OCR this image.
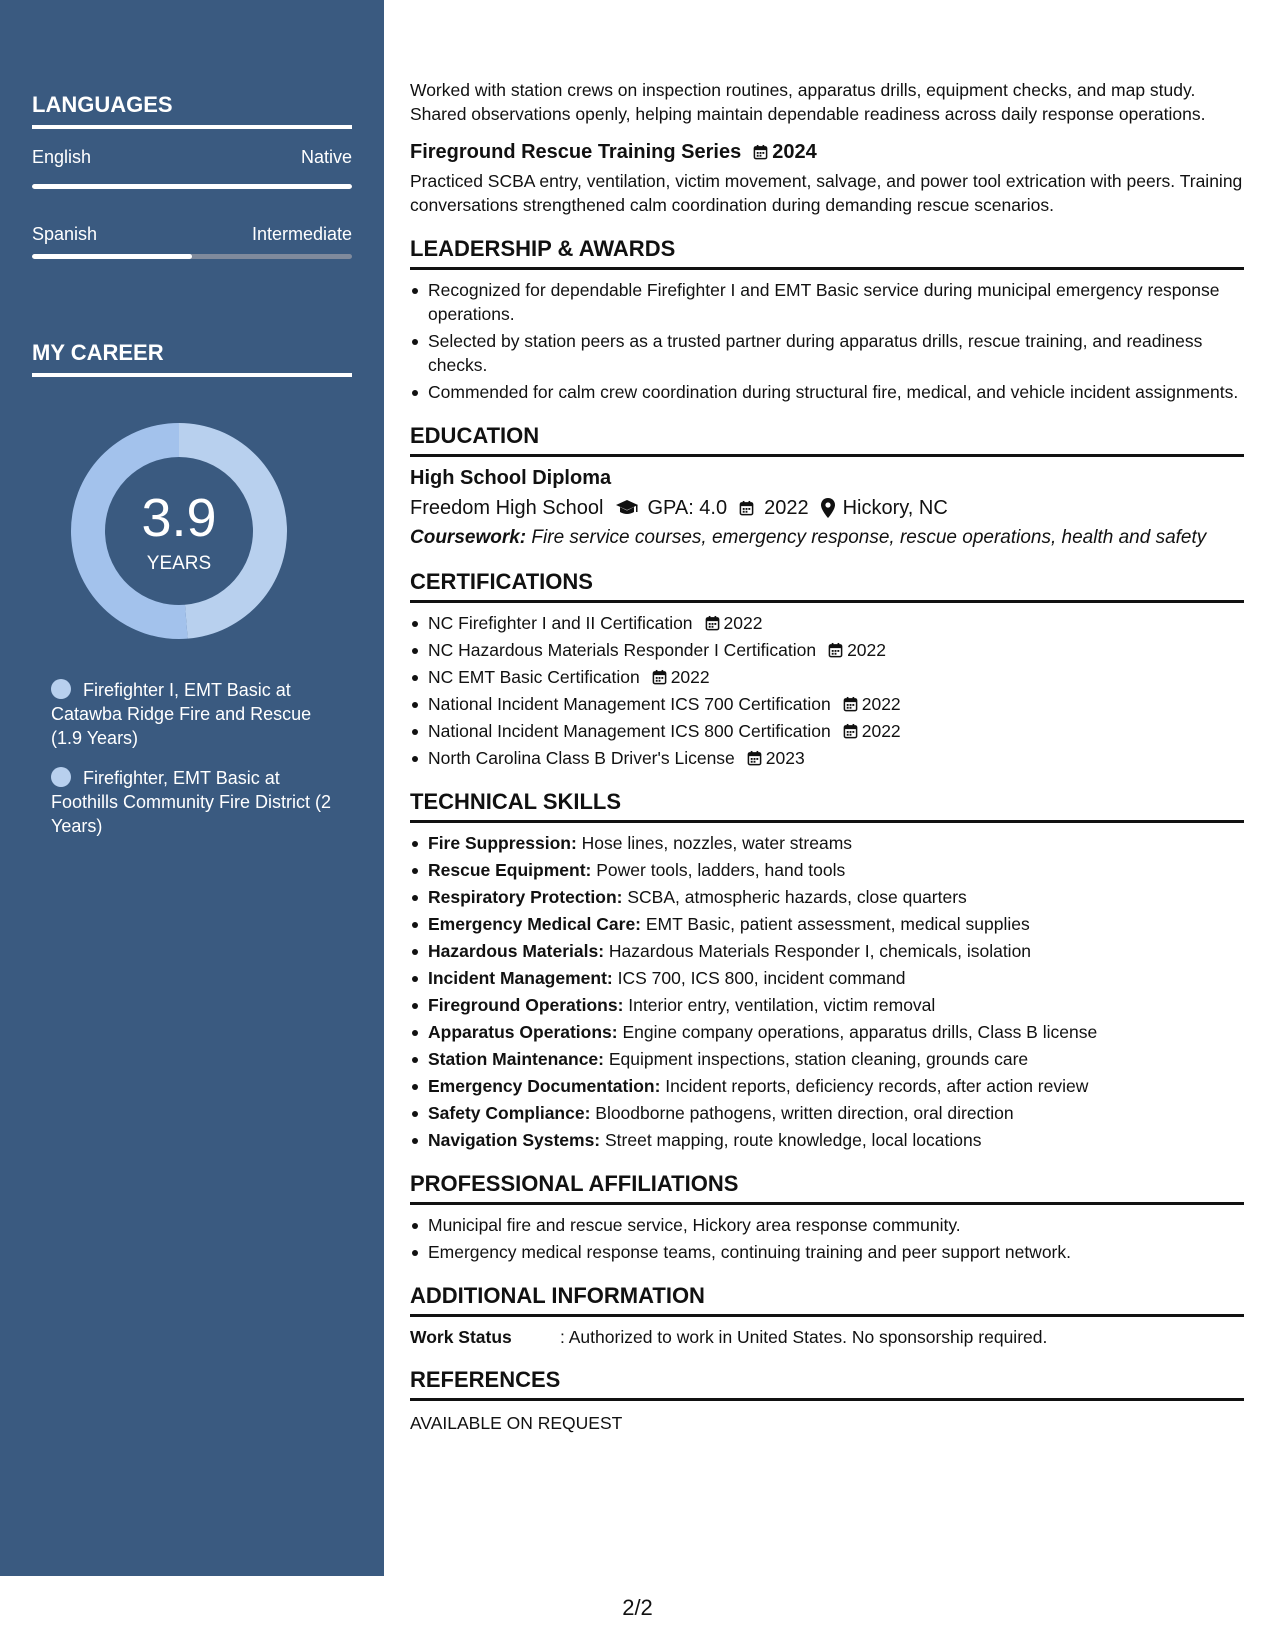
LANGUAGES
English	Native
Spanish	Intermediate
MY CAREER
3.9
YEARS
Firefighter I, EMT Basic at Catawba Ridge Fire and Rescue (1.9 Years)
Firefighter, EMT Basic at Foothills Community Fire District (2 Years)
Worked with station crews on inspection routines, apparatus drills, equipment checks, and map study. Shared observations openly, helping maintain dependable readiness across daily response operations.
Fireground Rescue Training Series 2024
Practiced SCBA entry, ventilation, victim movement, salvage, and power tool extrication with peers. Training conversations strengthened calm coordination during demanding rescue scenarios.
LEADERSHIP & AWARDS
Recognized for dependable Firefighter I and EMT Basic service during municipal emergency response operations.
Selected by station peers as a trusted partner during apparatus drills, rescue training, and readiness checks.
Commended for calm crew coordination during structural fire, medical, and vehicle incident assignments.
EDUCATION
High School Diploma
Freedom High School GPA: 4.0 2022 Hickory, NC
Coursework: Fire service courses, emergency response, rescue operations, health and safety
CERTIFICATIONS
NC Firefighter I and II Certification 2022
NC Hazardous Materials Responder I Certification 2022
NC EMT Basic Certification 2022
National Incident Management ICS 700 Certification 2022
National Incident Management ICS 800 Certification 2022
North Carolina Class B Driver's License 2023
TECHNICAL SKILLS
Fire Suppression: Hose lines, nozzles, water streams
Rescue Equipment: Power tools, ladders, hand tools
Respiratory Protection: SCBA, atmospheric hazards, close quarters
Emergency Medical Care: EMT Basic, patient assessment, medical supplies
Hazardous Materials: Hazardous Materials Responder I, chemicals, isolation
Incident Management: ICS 700, ICS 800, incident command
Fireground Operations: Interior entry, ventilation, victim removal
Apparatus Operations: Engine company operations, apparatus drills, Class B license
Station Maintenance: Equipment inspections, station cleaning, grounds care
Emergency Documentation: Incident reports, deficiency records, after action review
Safety Compliance: Bloodborne pathogens, written direction, oral direction
Navigation Systems: Street mapping, route knowledge, local locations
PROFESSIONAL AFFILIATIONS
Municipal fire and rescue service, Hickory area response community.
Emergency medical response teams, continuing training and peer support network.
ADDITIONAL INFORMATION
Work Status	: Authorized to work in United States. No sponsorship required.
REFERENCES
AVAILABLE ON REQUEST
2/2
